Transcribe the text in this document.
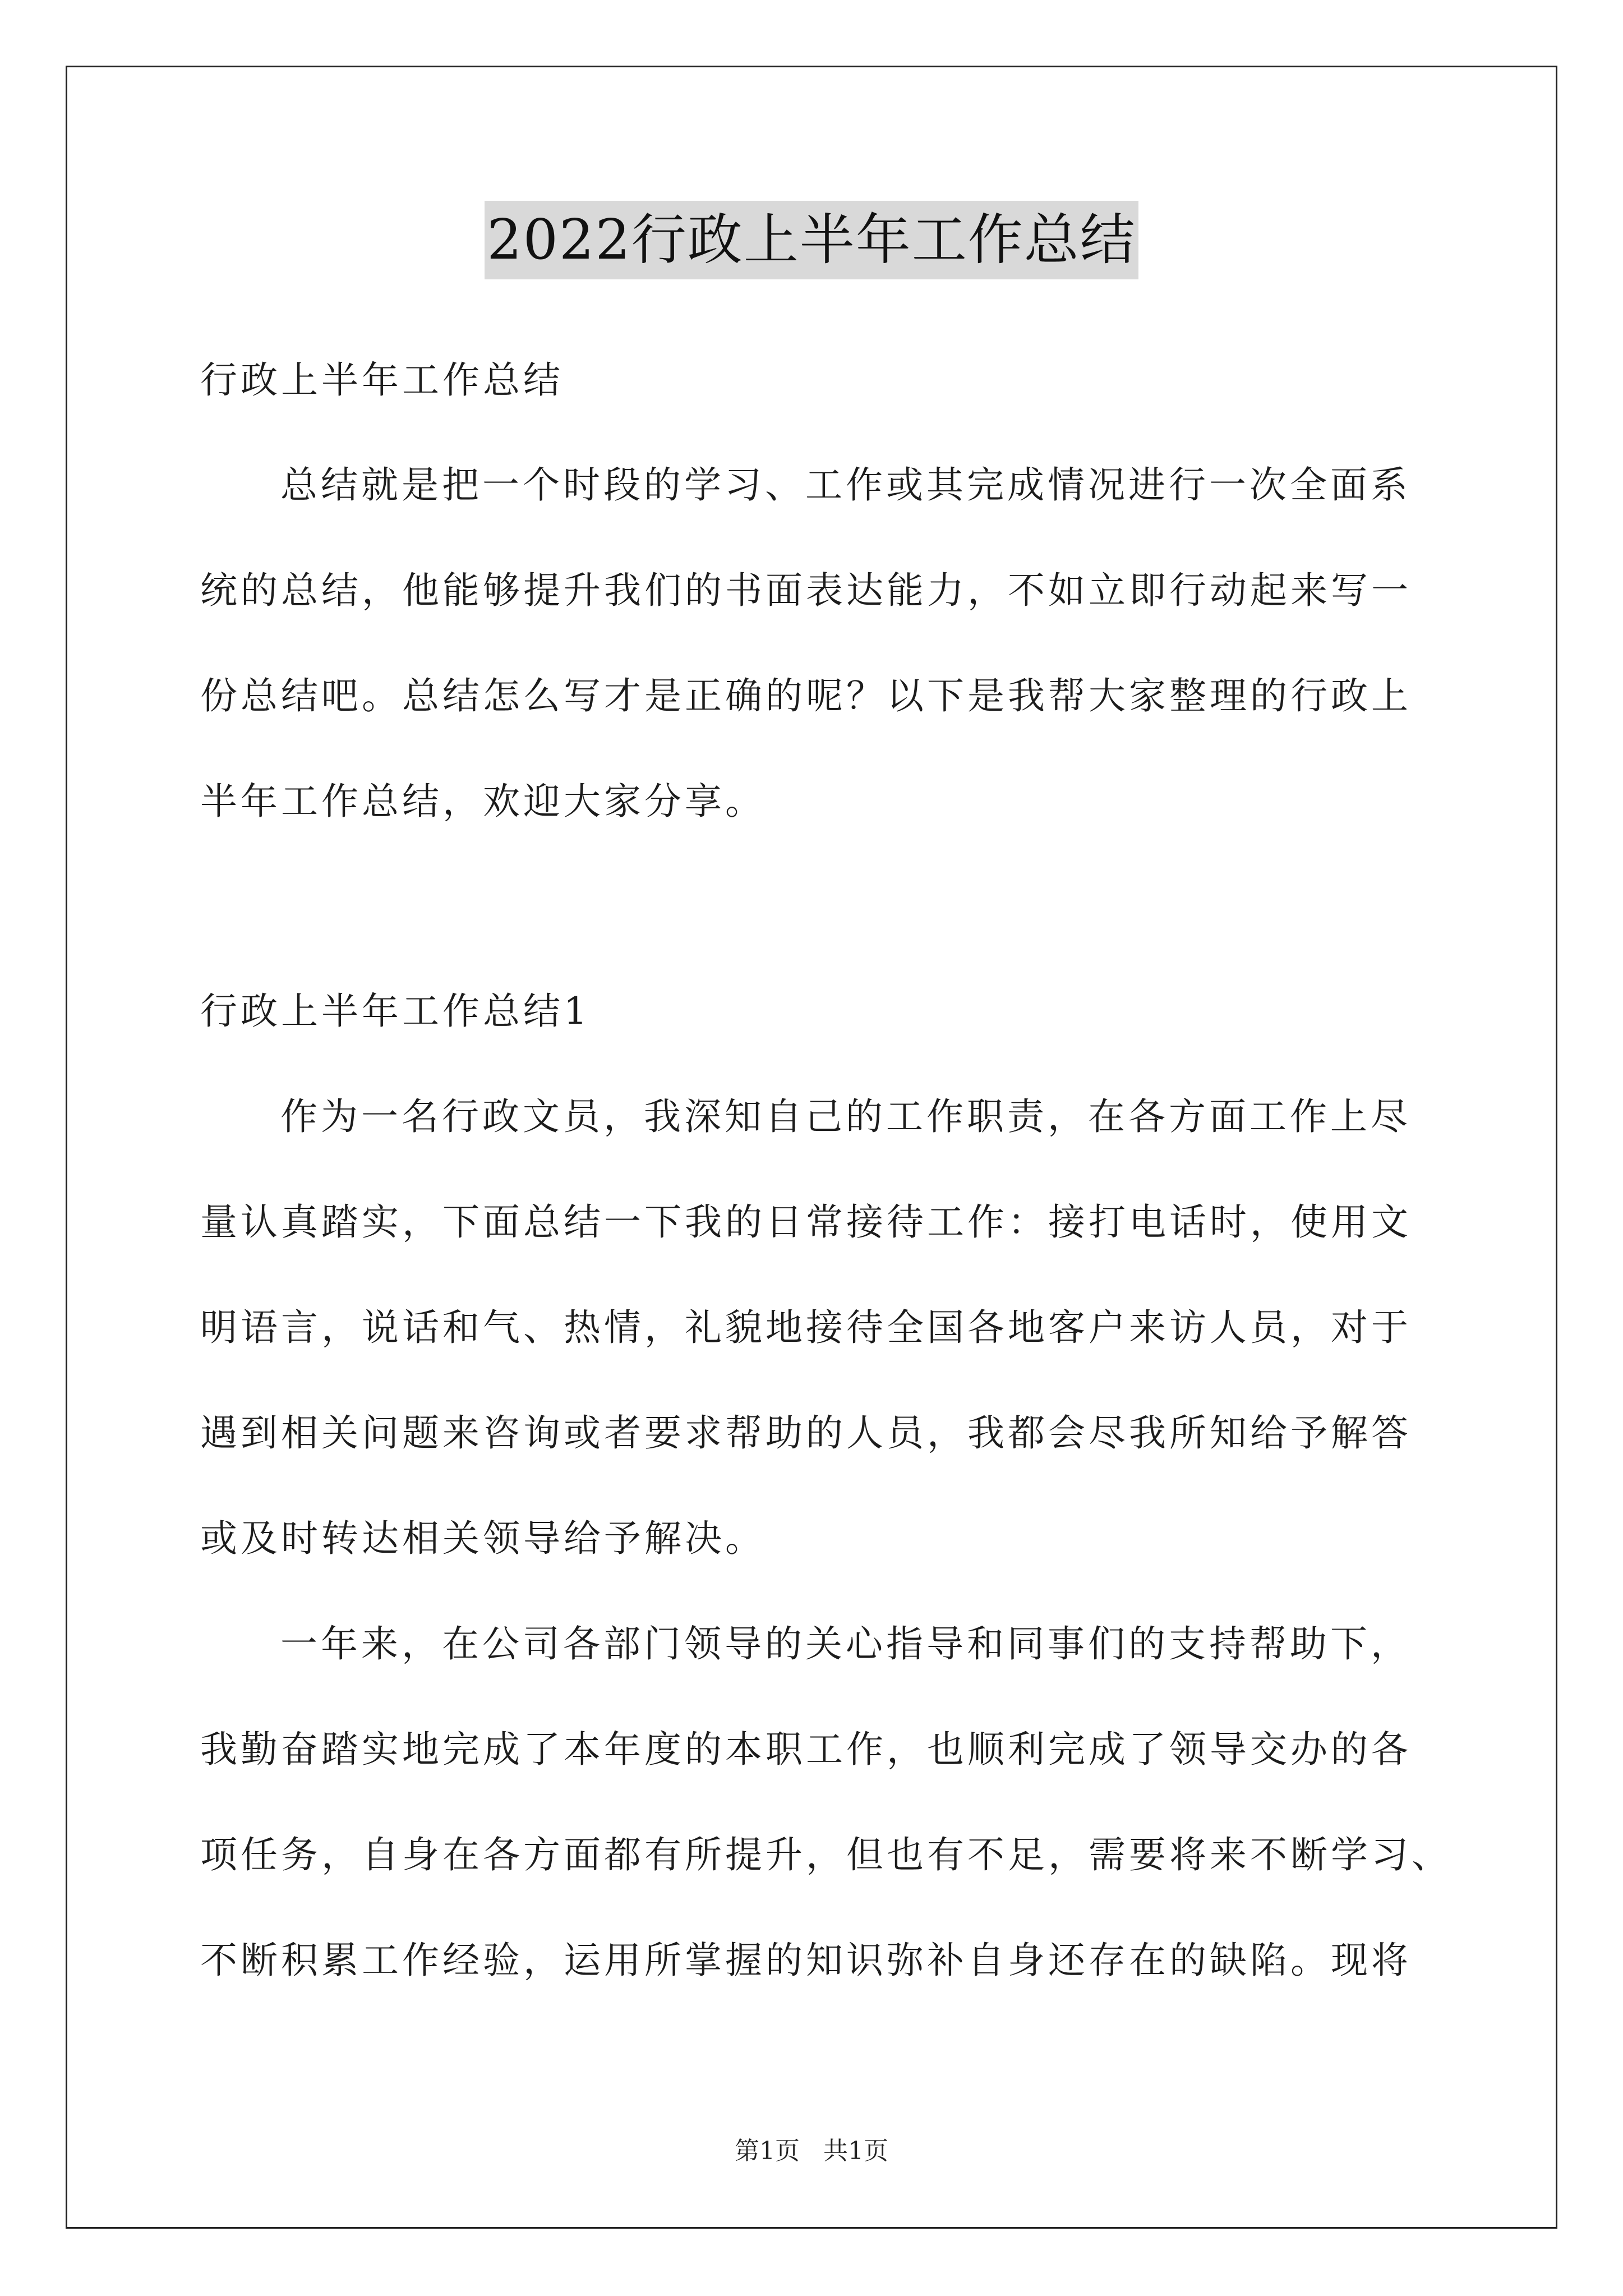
2022行政上半年工作总结
行政上半年工作总结
总结就是把一个时段的学习、工作或其完成情况进行一次全面系
统的总结，他能够提升我们的书面表达能力，不如立即行动起来写一
份总结吧。总结怎么写才是正确的呢？以下是我帮大家整理的行政上
半年工作总结，欢迎大家分享。
行政上半年工作总结1
作为一名行政文员，我深知自己的工作职责，在各方面工作上尽
量认真踏实，下面总结一下我的日常接待工作：接打电话时，使用文
明语言，说话和气、热情，礼貌地接待全国各地客户来访人员，对于
遇到相关问题来咨询或者要求帮助的人员，我都会尽我所知给予解答
或及时转达相关领导给予解决。
一年来，在公司各部门领导的关心指导和同事们的支持帮助下，
我勤奋踏实地完成了本年度的本职工作，也顺利完成了领导交办的各
项任务，自身在各方面都有所提升，但也有不足，需要将来不断学习、
不断积累工作经验，运用所掌握的知识弥补自身还存在的缺陷。现将
第1页 共1页
